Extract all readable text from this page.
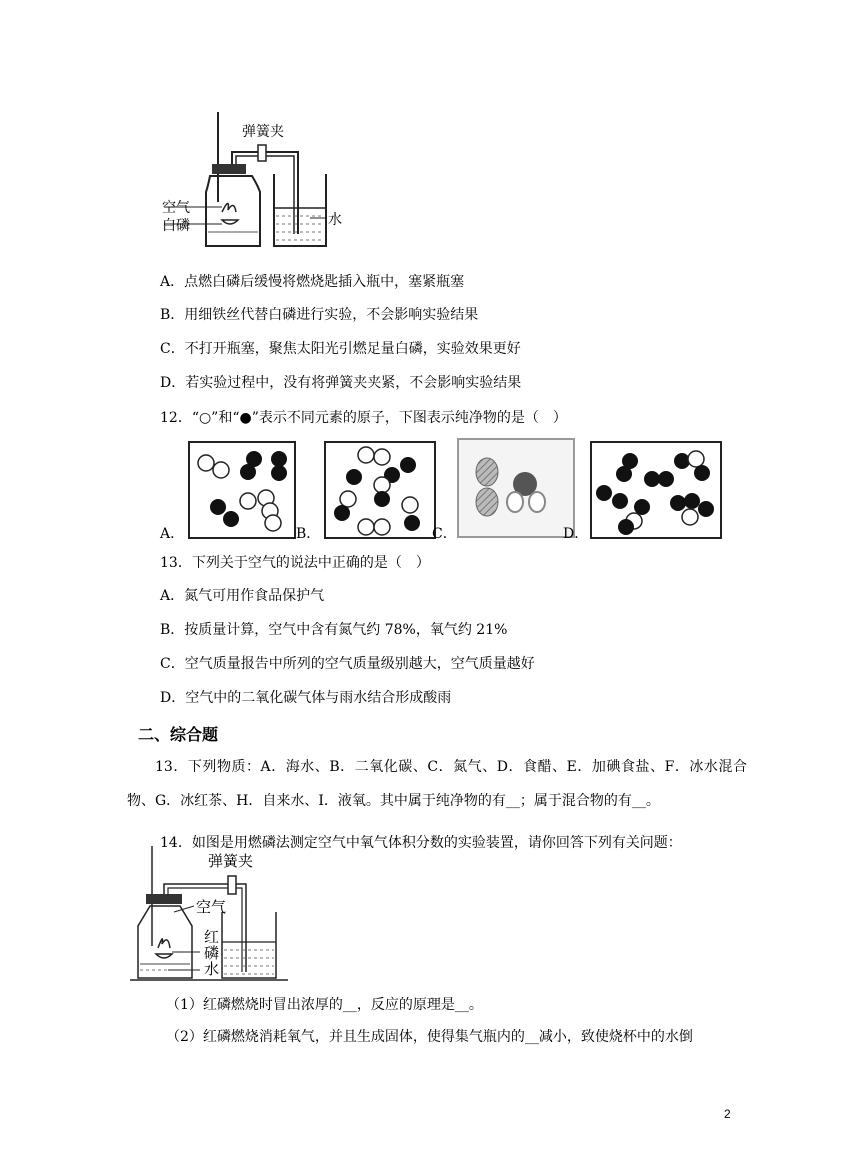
弹簧夹
空气
白磷	水
A．点燃白磷后缓慢将燃烧匙插入瓶中，塞紧瓶塞
B．用细铁丝代替白磷进行实验，不会影响实验结果
C．不打开瓶塞，聚焦太阳光引燃足量白磷，实验效果更好
D．若实验过程中，没有将弹簧夹夹紧，不会影响实验结果
12．“○”和“●”表示不同元素的原子，下图表示纯净物的是（　）
A．	B．	C．	D．
13．下列关于空气的说法中正确的是（　）
A．氮气可用作食品保护气
B．按质量计算，空气中含有氮气约 78%，氧气约 21%
C．空气质量报告中所列的空气质量级别越大，空气质量越好
D．空气中的二氧化碳气体与雨水结合形成酸雨
二、综合题
13．下列物质：A．海水、B．二氧化碳、C．氮气、D．食醋、E．加碘食盐、F．冰水混合物、G．冰红茶、H．自来水、I．液氧。其中属于纯净物的有__；属于混合物的有__。
14．如图是用燃磷法测定空气中氧气体积分数的实验装置，请你回答下列有关问题：
弹簧夹
空气
红
磷
水
（1）红磷燃烧时冒出浓厚的__，反应的原理是__。
（2）红磷燃烧消耗氧气，并且生成固体，使得集气瓶内的__减小，致使烧杯中的水倒
2
